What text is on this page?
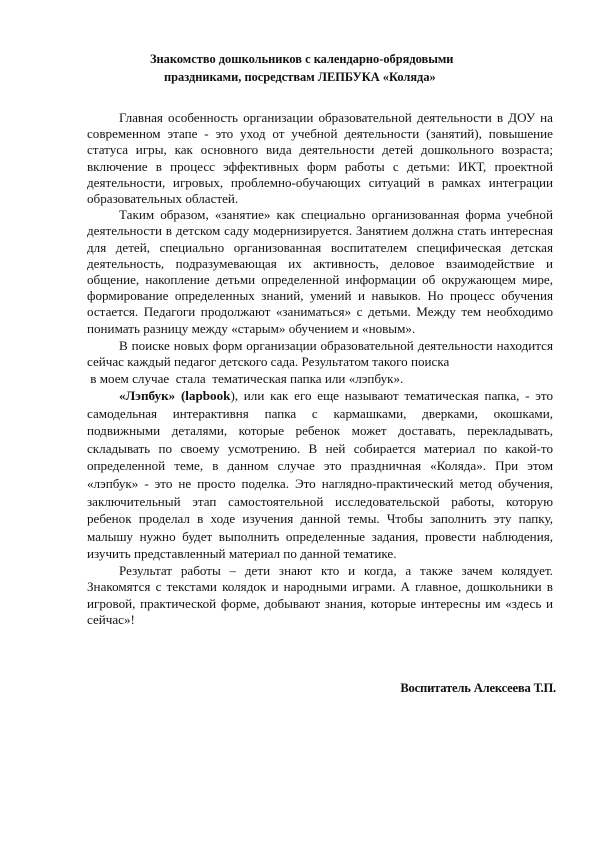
Знакомство дошкольников с календарно-обрядовыми
праздниками, посредствам ЛЕПБУКА «Коляда»

Главная особенность организации образовательной деятельности в ДОУ на современном этапе - это уход от учебной деятельности (занятий), повышение статуса игры, как основного вида деятельности детей дошкольного возраста; включение в процесс эффективных форм работы с детьми: ИКТ, проектной деятельности, игровых, проблемно-обучающих ситуаций в рамках интеграции образовательных областей.

Таким образом, «занятие» как специально организованная форма учебной деятельности в детском саду модернизируется. Занятием должна стать интересная для детей, специально организованная воспитателем специфическая детская деятельность, подразумевающая их активность, деловое взаимодействие и общение, накопление детьми определенной информации об окружающем мире, формирование определенных знаний, умений и навыков. Но процесс обучения остается. Педагоги продолжают «заниматься» с детьми. Между тем необходимо понимать разницу между «старым» обучением и «новым».

В поиске новых форм организации образовательной деятельности находится сейчас каждый педагог детского сада. Результатом такого поиска
в моем случае  стала  тематическая папка или «лэпбук».

«Лэпбук» (lapbook), или как его еще называют тематическая папка, - это самодельная интерактивня папка с кармашками, дверками, окошками, подвижными деталями, которые ребенок может доставать, перекладывать, складывать по своему усмотрению. В ней собирается материал по какой-то определенной теме, в данном случае это праздничная «Коляда». При этом «лэпбук» - это не просто поделка. Это наглядно-практический метод обучения, заключительный этап самостоятельной исследовательской работы, которую ребенок проделал в ходе изучения данной темы. Чтобы заполнить эту папку, малышу нужно будет выполнить определенные задания, провести наблюдения, изучить представленный материал по данной тематике.

Результат работы – дети знают кто и когда, а также зачем колядует. Знакомятся с текстами колядок и народными играми. А главное, дошкольники в игровой, практической форме, добывают знания, которые интересны им «здесь и сейчас»!

Воспитатель Алексеева Т.П.
